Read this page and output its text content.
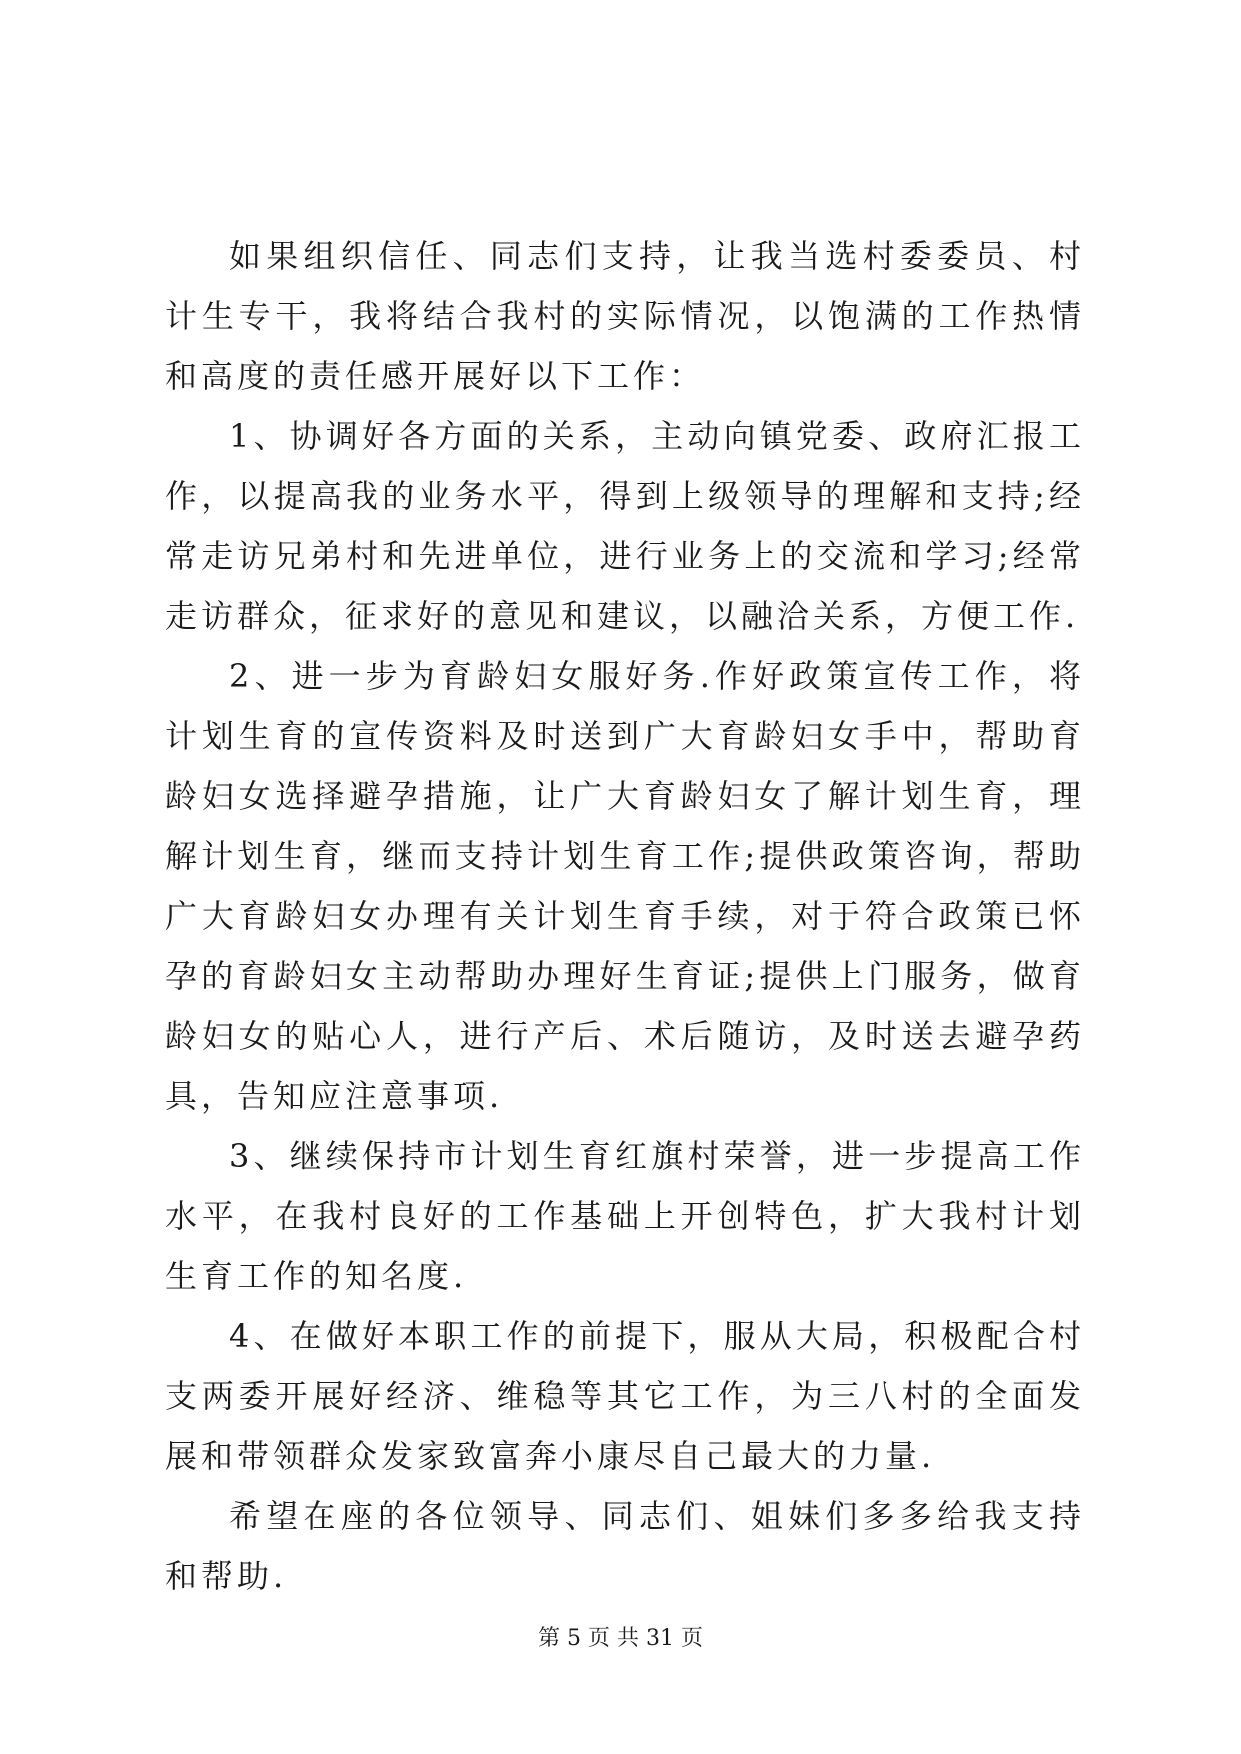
如果组织信任、同志们支持，让我当选村委委员、村计生专干，我将结合我村的实际情况，以饱满的工作热情和高度的责任感开展好以下工作：

1、协调好各方面的关系，主动向镇党委、政府汇报工作，以提高我的业务水平，得到上级领导的理解和支持;经常走访兄弟村和先进单位，进行业务上的交流和学习;经常走访群众，征求好的意见和建议，以融洽关系，方便工作.

2、进一步为育龄妇女服好务.作好政策宣传工作，将计划生育的宣传资料及时送到广大育龄妇女手中，帮助育龄妇女选择避孕措施，让广大育龄妇女了解计划生育，理解计划生育，继而支持计划生育工作;提供政策咨询，帮助广大育龄妇女办理有关计划生育手续，对于符合政策已怀孕的育龄妇女主动帮助办理好生育证;提供上门服务，做育龄妇女的贴心人，进行产后、术后随访，及时送去避孕药具，告知应注意事项.

3、继续保持市计划生育红旗村荣誉，进一步提高工作水平，在我村良好的工作基础上开创特色，扩大我村计划生育工作的知名度.

4、在做好本职工作的前提下，服从大局，积极配合村支两委开展好经济、维稳等其它工作，为三八村的全面发展和带领群众发家致富奔小康尽自己最大的力量.

希望在座的各位领导、同志们、姐妹们多多给我支持和帮助.

第 5 页 共 31 页
